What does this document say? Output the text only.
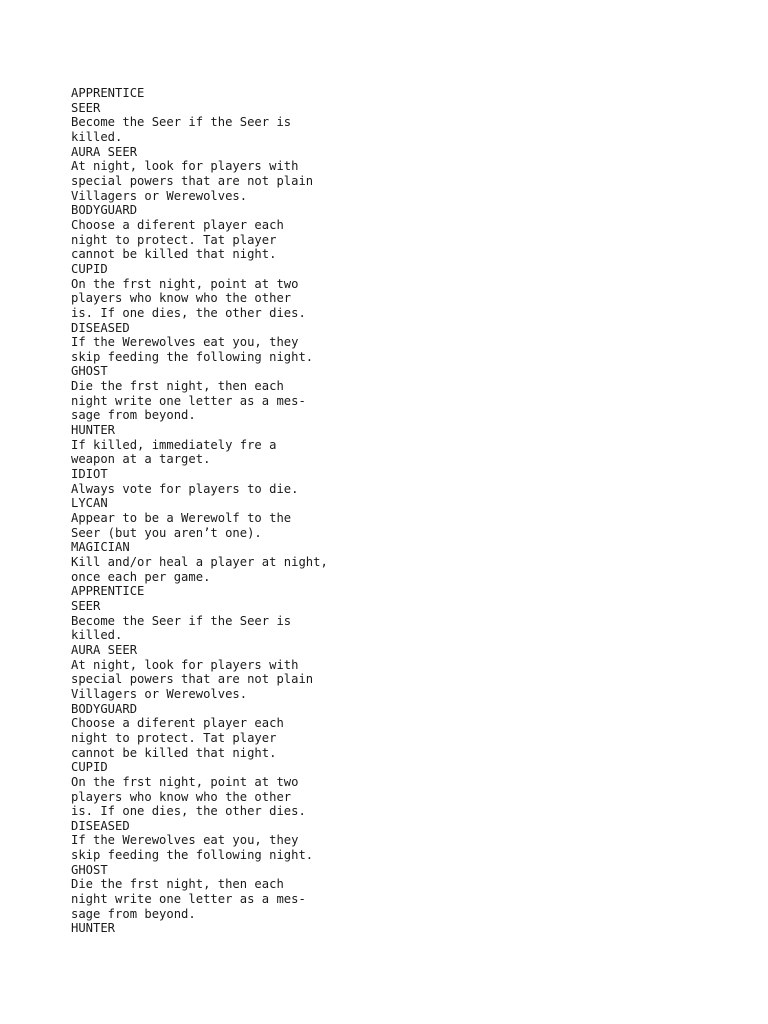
APPRENTICE
SEER
Become the Seer if the Seer is
killed.
AURA SEER
At night, look for players with
special powers that are not plain
Villagers or Werewolves.
BODYGUARD
Choose a diferent player each
night to protect. Tat player
cannot be killed that night.
CUPID
On the frst night, point at two
players who know who the other
is. If one dies, the other dies.
DISEASED
If the Werewolves eat you, they
skip feeding the following night.
GHOST
Die the frst night, then each
night write one letter as a mes-
sage from beyond.
HUNTER
If killed, immediately fre a
weapon at a target.
IDIOT
Always vote for players to die.
LYCAN
Appear to be a Werewolf to the
Seer (but you aren’t one).
MAGICIAN
Kill and/or heal a player at night,
once each per game.
APPRENTICE
SEER
Become the Seer if the Seer is
killed.
AURA SEER
At night, look for players with
special powers that are not plain
Villagers or Werewolves.
BODYGUARD
Choose a diferent player each
night to protect. Tat player
cannot be killed that night.
CUPID
On the frst night, point at two
players who know who the other
is. If one dies, the other dies.
DISEASED
If the Werewolves eat you, they
skip feeding the following night.
GHOST
Die the frst night, then each
night write one letter as a mes-
sage from beyond.
HUNTER
